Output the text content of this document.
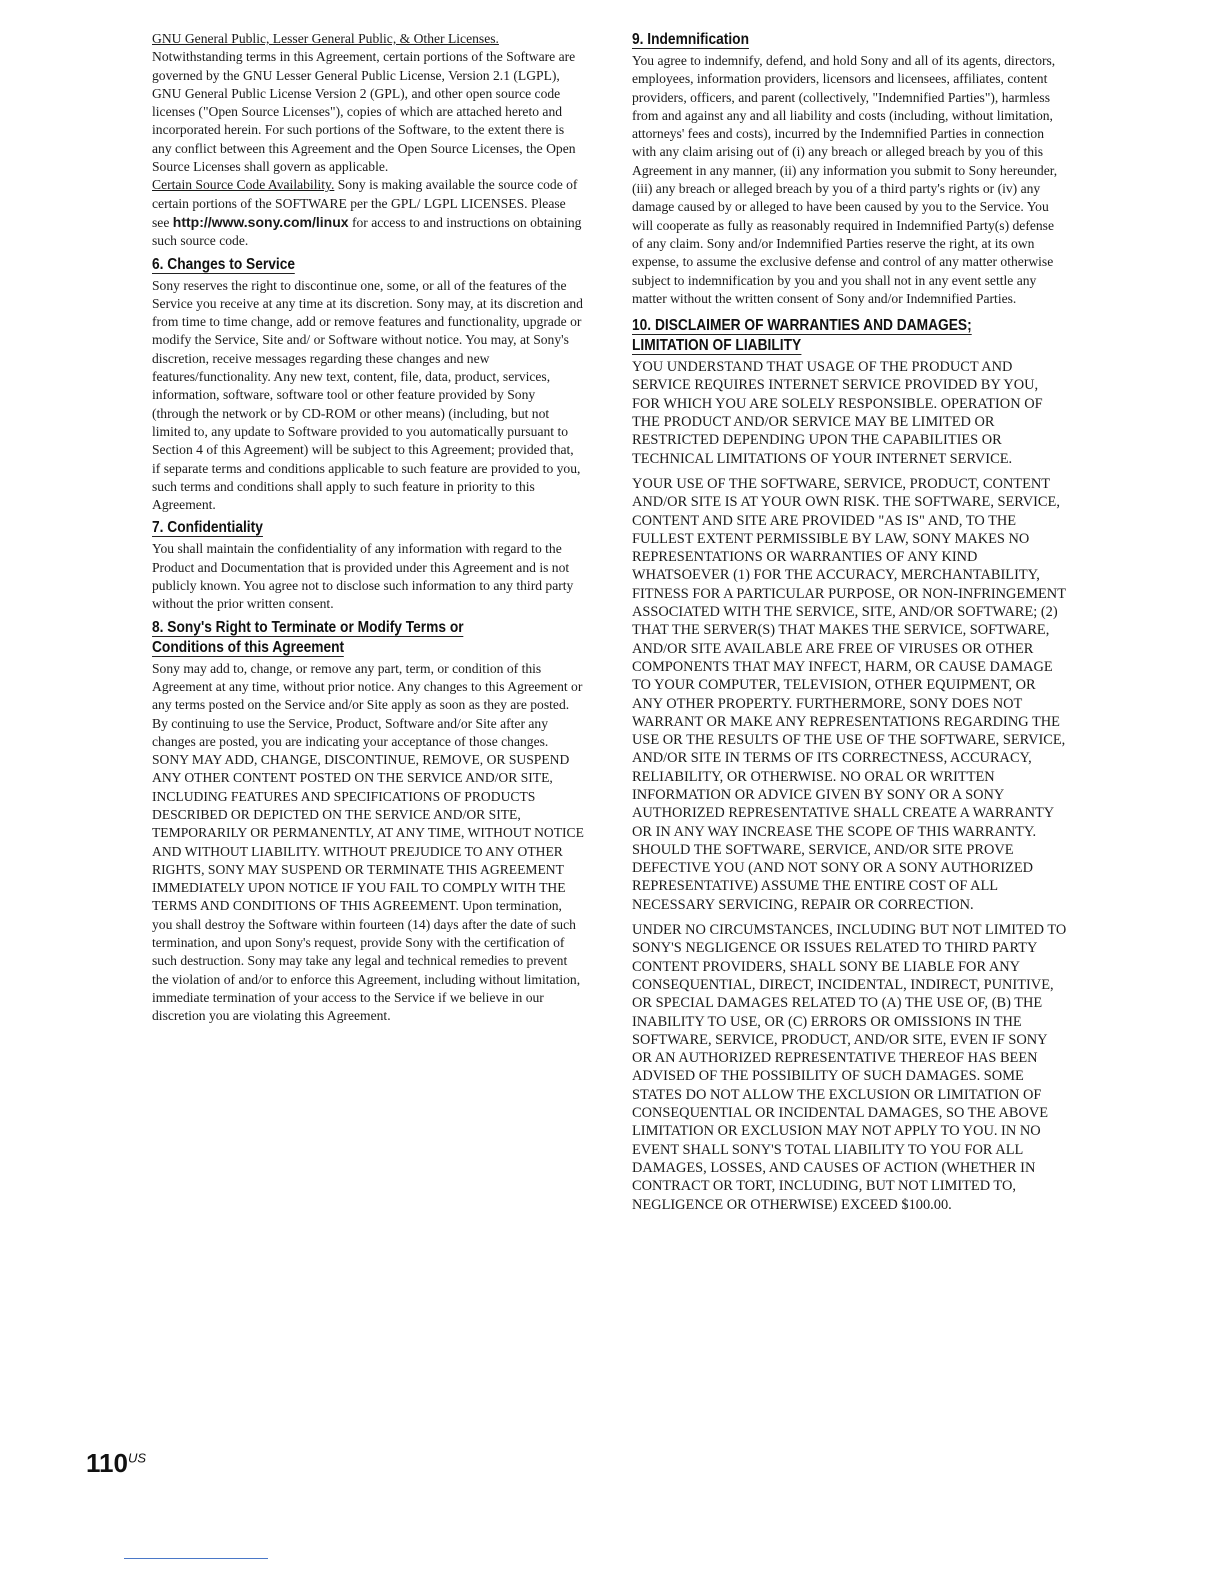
GNU General Public, Lesser General Public, & Other Licenses.
Notwithstanding terms in this Agreement, certain portions of the Software are governed by the GNU Lesser General Public License, Version 2.1 (LGPL), GNU General Public License Version 2 (GPL), and other open source code licenses ("Open Source Licenses"), copies of which are attached hereto and incorporated herein. For such portions of the Software, to the extent there is any conflict between this Agreement and the Open Source Licenses, the Open Source Licenses shall govern as applicable.
Certain Source Code Availability. Sony is making available the source code of certain portions of the SOFTWARE per the GPL/ LGPL LICENSES. Please see http://www.sony.com/linux for access to and instructions on obtaining such source code.

6. Changes to Service

Sony reserves the right to discontinue one, some, or all of the features of the Service you receive at any time at its discretion. Sony may, at its discretion and from time to time change, add or remove features and functionality, upgrade or modify the Service, Site and/ or Software without notice. You may, at Sony's discretion, receive messages regarding these changes and new features/functionality. Any new text, content, file, data, product, services, information, software, software tool or other feature provided by Sony (through the network or by CD-ROM or other means) (including, but not limited to, any update to Software provided to you automatically pursuant to Section 4 of this Agreement) will be subject to this Agreement; provided that, if separate terms and conditions applicable to such feature are provided to you, such terms and conditions shall apply to such feature in priority to this Agreement.

7. Confidentiality

You shall maintain the confidentiality of any information with regard to the Product and Documentation that is provided under this Agreement and is not publicly known. You agree not to disclose such information to any third party without the prior written consent.

8. Sony's Right to Terminate or Modify Terms or
Conditions of this Agreement

Sony may add to, change, or remove any part, term, or condition of this Agreement at any time, without prior notice. Any changes to this Agreement or any terms posted on the Service and/or Site apply as soon as they are posted. By continuing to use the Service, Product, Software and/or Site after any changes are posted, you are indicating your acceptance of those changes. SONY MAY ADD, CHANGE, DISCONTINUE, REMOVE, OR SUSPEND ANY OTHER CONTENT POSTED ON THE SERVICE AND/OR SITE, INCLUDING FEATURES AND SPECIFICATIONS OF PRODUCTS DESCRIBED OR DEPICTED ON THE SERVICE AND/OR SITE, TEMPORARILY OR PERMANENTLY, AT ANY TIME, WITHOUT NOTICE AND WITHOUT LIABILITY. WITHOUT PREJUDICE TO ANY OTHER RIGHTS, SONY MAY SUSPEND OR TERMINATE THIS AGREEMENT IMMEDIATELY UPON NOTICE IF YOU FAIL TO COMPLY WITH THE TERMS AND CONDITIONS OF THIS AGREEMENT. Upon termination, you shall destroy the Software within fourteen (14) days after the date of such termination, and upon Sony's request, provide Sony with the certification of such destruction. Sony may take any legal and technical remedies to prevent the violation of and/or to enforce this Agreement, including without limitation, immediate termination of your access to the Service if we believe in our discretion you are violating this Agreement.

9. Indemnification

You agree to indemnify, defend, and hold Sony and all of its agents, directors, employees, information providers, licensors and licensees, affiliates, content providers, officers, and parent (collectively, "Indemnified Parties"), harmless from and against any and all liability and costs (including, without limitation, attorneys' fees and costs), incurred by the Indemnified Parties in connection with any claim arising out of (i) any breach or alleged breach by you of this Agreement in any manner, (ii) any information you submit to Sony hereunder, (iii) any breach or alleged breach by you of a third party's rights or (iv) any damage caused by or alleged to have been caused by you to the Service. You will cooperate as fully as reasonably required in Indemnified Party(s) defense of any claim. Sony and/or Indemnified Parties reserve the right, at its own expense, to assume the exclusive defense and control of any matter otherwise subject to indemnification by you and you shall not in any event settle any matter without the written consent of Sony and/or Indemnified Parties.

10. DISCLAIMER OF WARRANTIES AND DAMAGES;
LIMITATION OF LIABILITY

YOU UNDERSTAND THAT USAGE OF THE PRODUCT AND SERVICE REQUIRES INTERNET SERVICE PROVIDED BY YOU, FOR WHICH YOU ARE SOLELY RESPONSIBLE. OPERATION OF THE PRODUCT AND/OR SERVICE MAY BE LIMITED OR RESTRICTED DEPENDING UPON THE CAPABILITIES OR TECHNICAL LIMITATIONS OF YOUR INTERNET SERVICE.

YOUR USE OF THE SOFTWARE, SERVICE, PRODUCT, CONTENT AND/OR SITE IS AT YOUR OWN RISK. THE SOFTWARE, SERVICE, CONTENT AND SITE ARE PROVIDED "AS IS" AND, TO THE FULLEST EXTENT PERMISSIBLE BY LAW, SONY MAKES NO REPRESENTATIONS OR WARRANTIES OF ANY KIND WHATSOEVER (1) FOR THE ACCURACY, MERCHANTABILITY, FITNESS FOR A PARTICULAR PURPOSE, OR NON-INFRINGEMENT ASSOCIATED WITH THE SERVICE, SITE, AND/OR SOFTWARE; (2) THAT THE SERVER(S) THAT MAKES THE SERVICE, SOFTWARE, AND/OR SITE AVAILABLE ARE FREE OF VIRUSES OR OTHER COMPONENTS THAT MAY INFECT, HARM, OR CAUSE DAMAGE TO YOUR COMPUTER, TELEVISION, OTHER EQUIPMENT, OR ANY OTHER PROPERTY. FURTHERMORE, SONY DOES NOT WARRANT OR MAKE ANY REPRESENTATIONS REGARDING THE USE OR THE RESULTS OF THE USE OF THE SOFTWARE, SERVICE, AND/OR SITE IN TERMS OF ITS CORRECTNESS, ACCURACY, RELIABILITY, OR OTHERWISE. NO ORAL OR WRITTEN INFORMATION OR ADVICE GIVEN BY SONY OR A SONY AUTHORIZED REPRESENTATIVE SHALL CREATE A WARRANTY OR IN ANY WAY INCREASE THE SCOPE OF THIS WARRANTY. SHOULD THE SOFTWARE, SERVICE, AND/OR SITE PROVE DEFECTIVE YOU (AND NOT SONY OR A SONY AUTHORIZED REPRESENTATIVE) ASSUME THE ENTIRE COST OF ALL NECESSARY SERVICING, REPAIR OR CORRECTION.

UNDER NO CIRCUMSTANCES, INCLUDING BUT NOT LIMITED TO SONY'S NEGLIGENCE OR ISSUES RELATED TO THIRD PARTY CONTENT PROVIDERS, SHALL SONY BE LIABLE FOR ANY CONSEQUENTIAL, DIRECT, INCIDENTAL, INDIRECT, PUNITIVE, OR SPECIAL DAMAGES RELATED TO (A) THE USE OF, (B) THE INABILITY TO USE, OR (C) ERRORS OR OMISSIONS IN THE SOFTWARE, SERVICE, PRODUCT, AND/OR SITE, EVEN IF SONY OR AN AUTHORIZED REPRESENTATIVE THEREOF HAS BEEN ADVISED OF THE POSSIBILITY OF SUCH DAMAGES. SOME STATES DO NOT ALLOW THE EXCLUSION OR LIMITATION OF CONSEQUENTIAL OR INCIDENTAL DAMAGES, SO THE ABOVE LIMITATION OR EXCLUSION MAY NOT APPLY TO YOU. IN NO EVENT SHALL SONY'S TOTAL LIABILITY TO YOU FOR ALL DAMAGES, LOSSES, AND CAUSES OF ACTION (WHETHER IN CONTRACT OR TORT, INCLUDING, BUT NOT LIMITED TO, NEGLIGENCE OR OTHERWISE) EXCEED $100.00.

$110^{US}$
